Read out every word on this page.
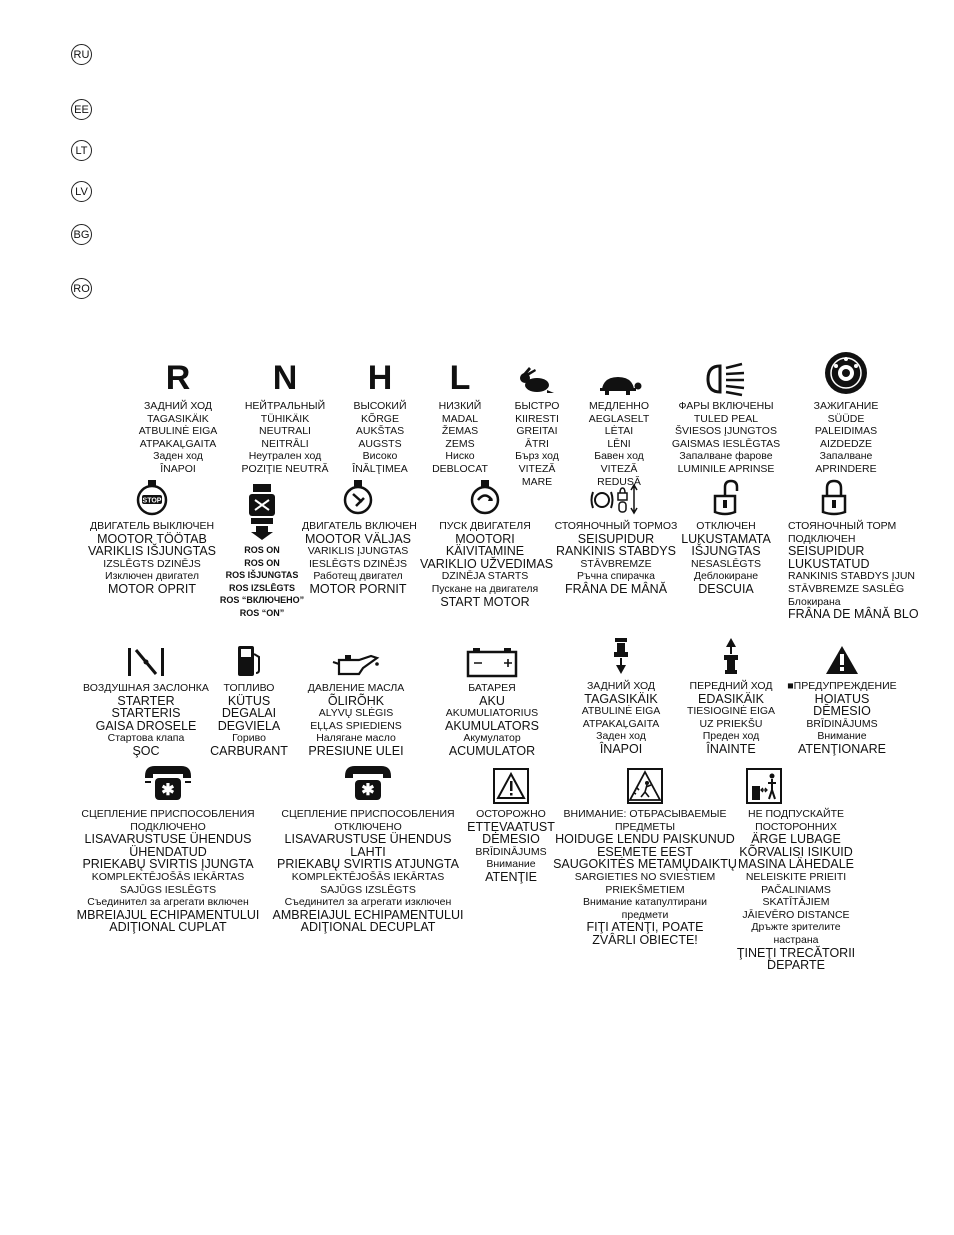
RU
EE
LT
LV
BG
RO
R
ЗАДНИЙ ХОД
TAGASIKÄIK
ATBULINĖ EIGA
ATPAKAĻGAITA
Заден ход
ÎNAPOI
N
НЕЙТРАЛЬНЫЙ
TÜHIKÄIK
NEUTRALI
NEITRĀLI
Неутрален ход
POZIŢIE NEUTRĂ
H
ВЫСОКИЙ
KÕRGE
AUKŠTAS
AUGSTS
Високо
ÎNĂLŢIMEA
L
НИЗКИЙ
MADAL
ŽEMAS
ZEMS
Ниско
DEBLOCAT
БЫСТРО
KIIRESTI
GREITAI
ĀTRI
Бърз ход
VITEZĂ
MARE
МЕДЛЕННО
AEGLASELT
LĖTAI
LĒNI
Бавен ход
VITEZĂ
REDUSĂ
ФАРЫ ВКЛЮЧЕНЫ
TULED PEAL
ŠVIESOS ĮJUNGTOS
GAISMAS IESLĒGTAS
Запалване фарове
LUMINILE APRINSE
ЗАЖИГАНИЕ
SÜÜDE
PALEIDIMAS
AIZDEDZE
Запалване
APRINDERE
STOP
ДВИГАТЕЛЬ ВЫКЛЮЧЕН
MOOTOR TÖÖTAB
VARIKLIS IŠJUNGTAS
IZSLĒGTS DZINĒJS
Изключен двигател
MOTOR OPRIT
ROS ON
ROS ON
ROS IŠJUNGTAS
ROS IZSLĒGTS
ROS “ВКЛЮЧЕНО”
ROS “ON”
ДВИГАТЕЛЬ ВКЛЮЧЕН
MOOTOR VÄLJAS
VARIKLIS ĮJUNGTAS
IESLĒGTS DZINĒJS
Работещ двигател
MOTOR PORNIT
ПУСК ДВИГАТЕЛЯ
MOOTORI
KÄIVITAMINE
VARIKLIO UŽVEDIMAS
DZINĒJA STARTS
Пускане на двигателя
START MOTOR
СТОЯНОЧНЫЙ ТОРМОЗ
SEISUPIDUR
RANKINIS STABDYS
STĀVBREMZE
Ръчна спирачка
FRÂNA DE MÂNĂ
ОТКЛЮЧЕН
LUKUSTAMATA
IŠJUNGTAS
NESASLĒGTS
Деблокиране
DESCUIA
СТОЯНОЧНЫЙ ТОРМ
ПОДКЛЮЧЕН
SEISUPIDUR
LUKUSTATUD
RANKINIS STABDYS ĮJUN
STĀVBREMZE SASLĒG
Блокирана
FRÂNA DE MÂNĂ BLO
ВОЗДУШНАЯ ЗАСЛОНКА
STARTER
STARTERIS
GAISA DROSELE
Стартова клапа
ŞOC
ТОПЛИВО
KÜTUS
DEGALAI
DEGVIELA
Гориво
CARBURANT
ДАВЛЕНИЕ МАСЛА
ÕLIRÕHK
ALYVŲ SLĖGIS
EĻĻAS SPIEDIENS
Налягане масло
PRESIUNE ULEI
БАТАРЕЯ
AKU
AKUMULIATORIUS
AKUMULATORS
Акумулатор
ACUMULATOR
ЗАДНИЙ ХОД
TAGASIKÄIK
ATBULINĖ EIGA
ATPAKAĻGAITA
Заден ход
ÎNAPOI
ПЕРЕДНИЙ ХОД
EDASIKÄIK
TIESIOGINĖ EIGA
UZ PRIEKŠU
Преден ход
ÎNAINTE
■ПРЕДУПРЕЖДЕНИЕ
HOIATUS
DĒMESIO
BRĪDINĀJUMS
Внимание
ATENŢIONARE
✱
СЦЕПЛЕНИЕ ПРИСПОСОБЛЕНИЯ
ПОДКЛЮЧЕНО
LISAVARUSTUSE ÜHENDUS
ÜHENDATUD
PRIEKABŲ SVIRTIS ĮJUNGTA
KOMPLEKTĒJOŠĀS IEKĀRTAS
SAJŪGS IESLĒGTS
Съединител за агрегати включен
MBREIAJUL ECHIPAMENTULUI
ADIŢIONAL CUPLAT
✱
СЦЕПЛЕНИЕ ПРИСПОСОБЛЕНИЯ
ОТКЛЮЧЕНО
LISAVARUSTUSE ÜHENDUS
LAHTI
PRIEKABŲ SVIRTIS ATJUNGTA
KOMPLEKTĒJOŠĀS IEKĀRTAS
SAJŪGS IZSLĒGTS
Съединител за агрегати изключен
AMBREIAJUL ECHIPAMENTULUI
ADIŢIONAL DECUPLAT
ОСТОРОЖНО
ETTEVAATUST
DĖMESIO
BRĪDINĀJUMS
Внимание
ATENŢIE
ВНИМАНИЕ: ОТБРАСЫВАЕМЫЕ
ПРЕДМЕТЫ
HOIDUGE LENDU PAISKUNUD
ESEMETE EEST
SAUGOKITĖS METAMŲDAIKTŲ
SARGIETIES NO SVIESTIEM
PRIEKŠMETIEM
Внимание катапултирани
предмети
FIŢI ATENŢI, POATE
ZVÂRLI OBIECTE!
НЕ ПОДПУСКАЙТЕ
ПОСТОРОННИХ
ÄRGE LUBAGE
KÕRVALISI ISIKUID
MASINA LÄHEDALE
NELEISKITE PRIEITI
PAČALINIAMS
SKATĪTĀJIEM
JĀIEVĒRO DISTANCE
Дръжте зрителите
настрана
ŢINEŢI TRECĂTORII
DEPARTE
